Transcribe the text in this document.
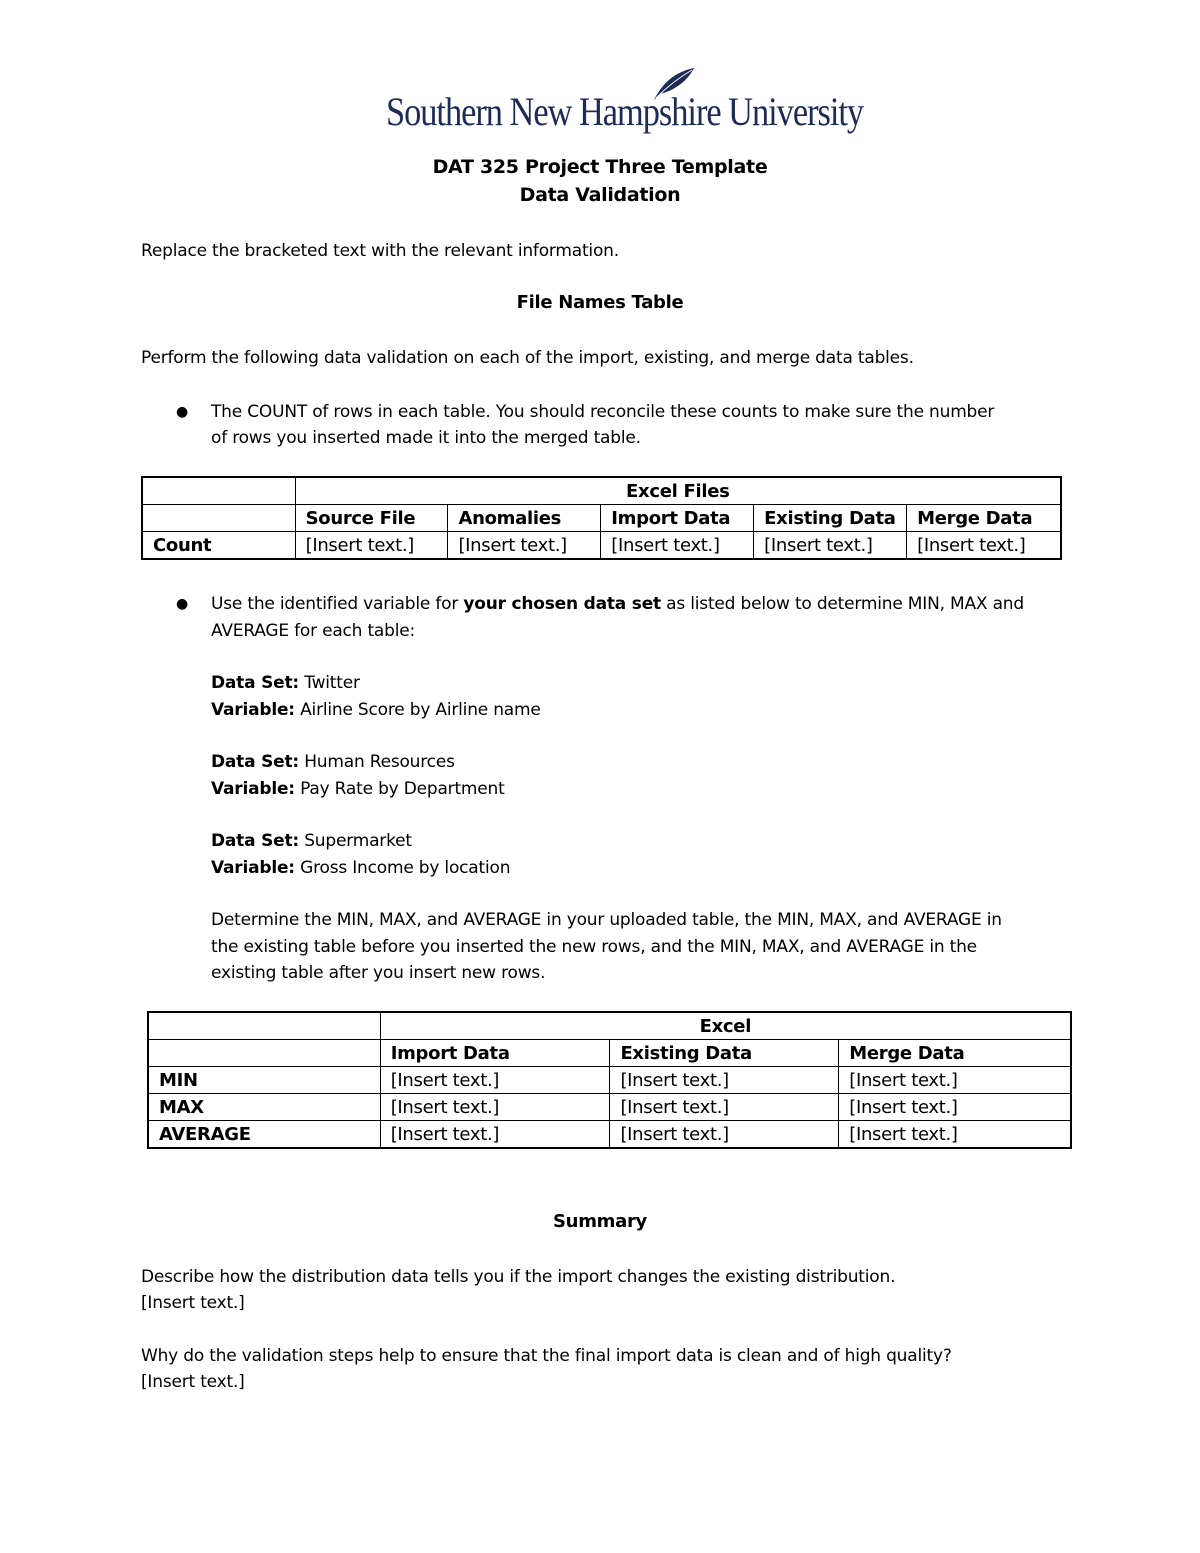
Southern New Hampshire University
DAT 325 Project Three Template
Data Validation
Replace the bracketed text with the relevant information.
File Names Table
Perform the following data validation on each of the import, existing, and merge data tables.
● The COUNT of rows in each table. You should reconcile these counts to make sure the number
of rows you inserted made it into the merged table.
	Excel Files				
	Source File	Anomalies	Import Data	Existing Data	Merge Data
Count	[Insert text.]	[Insert text.]	[Insert text.]	[Insert text.]	[Insert text.]
● Use the identified variable for your chosen data set as listed below to determine MIN, MAX and
AVERAGE for each table:
Data Set: Twitter
Variable: Airline Score by Airline name
Data Set: Human Resources
Variable: Pay Rate by Department
Data Set: Supermarket
Variable: Gross Income by location
Determine the MIN, MAX, and AVERAGE in your uploaded table, the MIN, MAX, and AVERAGE in
the existing table before you inserted the new rows, and the MIN, MAX, and AVERAGE in the
existing table after you insert new rows.
	Excel		
	Import Data	Existing Data	Merge Data
MIN	[Insert text.]	[Insert text.]	[Insert text.]
MAX	[Insert text.]	[Insert text.]	[Insert text.]
AVERAGE	[Insert text.]	[Insert text.]	[Insert text.]
Summary
Describe how the distribution data tells you if the import changes the existing distribution.
[Insert text.]
Why do the validation steps help to ensure that the final import data is clean and of high quality?
[Insert text.]
